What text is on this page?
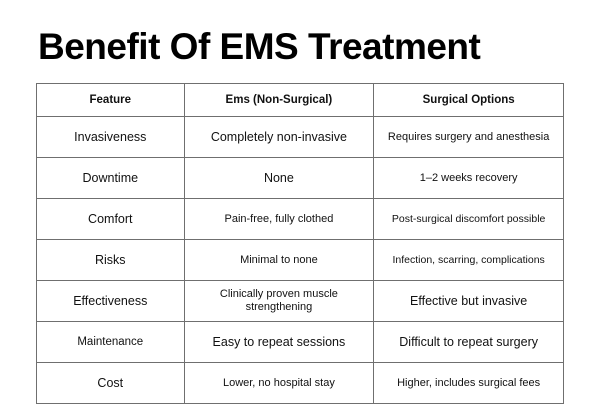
Benefit Of EMS Treatment
Feature	Ems (Non-Surgical)	Surgical Options
Invasiveness	Completely non-invasive	Requires surgery and anesthesia
Downtime	None	1–2 weeks recovery
Comfort	Pain-free, fully clothed	Post-surgical discomfort possible
Risks	Minimal to none	Infection, scarring, complications
Effectiveness	Clinically proven muscle strengthening	Effective but invasive
Maintenance	Easy to repeat sessions	Difficult to repeat surgery
Cost	Lower, no hospital stay	Higher, includes surgical fees
